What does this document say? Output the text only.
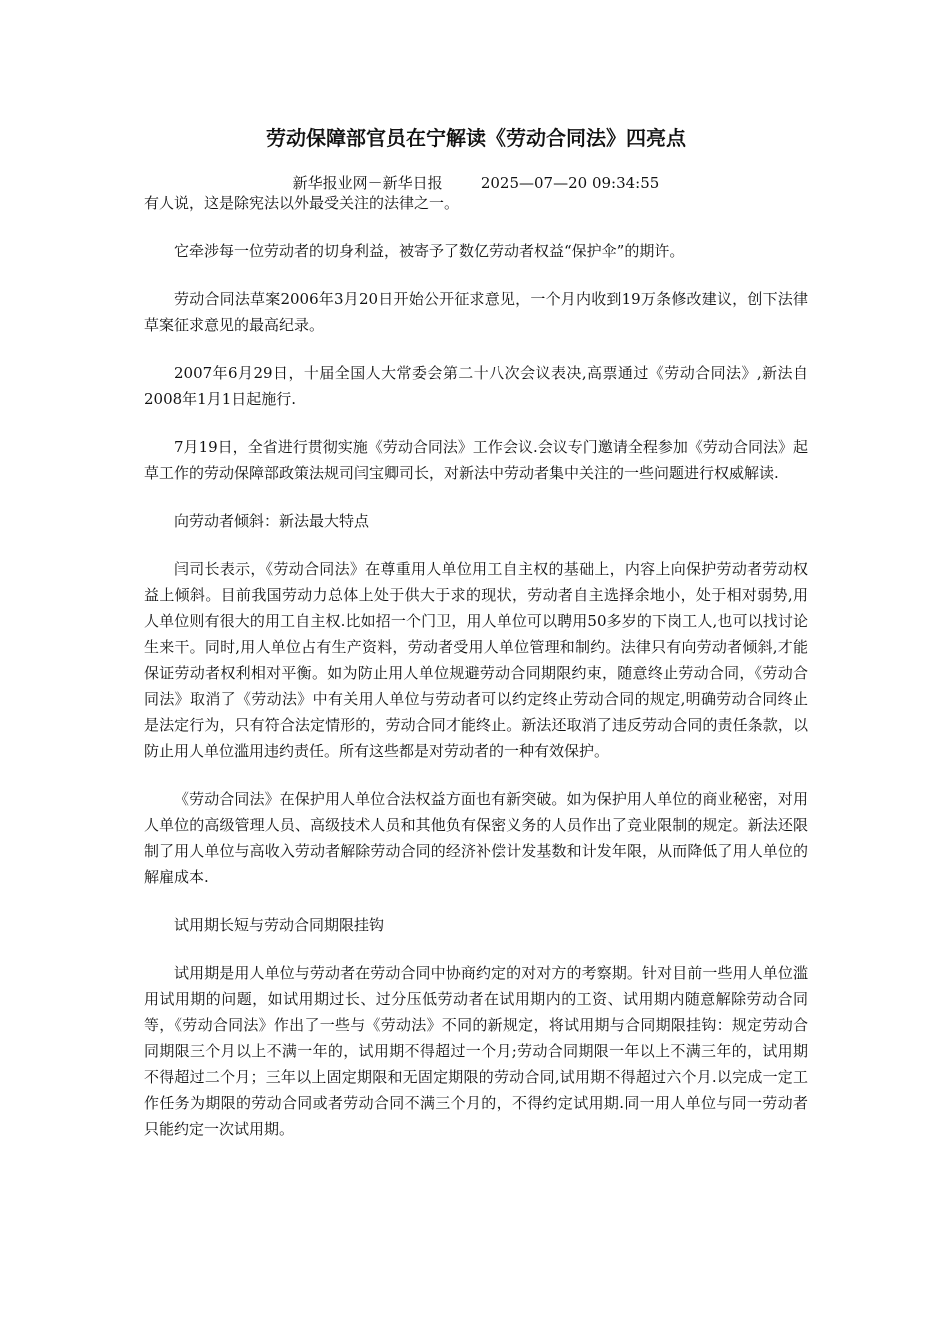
劳动保障部官员在宁解读《劳动合同法》四亮点
新华报业网－新华日报	2025—07—20 09:34:55

有人说，这是除宪法以外最受关注的法律之一。

它牵涉每一位劳动者的切身利益，被寄予了数亿劳动者权益“保护伞”的期许。

劳动合同法草案2006年3月20日开始公开征求意见，一个月内收到19万条修改建议，创下法律草案征求意见的最高纪录。

2007年6月29日，十届全国人大常委会第二十八次会议表决,高票通过《劳动合同法》,新法自2008年1月1日起施行.

7月19日，全省进行贯彻实施《劳动合同法》工作会议.会议专门邀请全程参加《劳动合同法》起草工作的劳动保障部政策法规司闫宝卿司长，对新法中劳动者集中关注的一些问题进行权威解读.

向劳动者倾斜：新法最大特点

闫司长表示，《劳动合同法》在尊重用人单位用工自主权的基础上，内容上向保护劳动者劳动权益上倾斜。目前我国劳动力总体上处于供大于求的现状，劳动者自主选择余地小，处于相对弱势,用人单位则有很大的用工自主权.比如招一个门卫，用人单位可以聘用50多岁的下岗工人,也可以找讨论生来干。同时,用人单位占有生产资料，劳动者受用人单位管理和制约。法律只有向劳动者倾斜,才能保证劳动者权利相对平衡。如为防止用人单位规避劳动合同期限约束，随意终止劳动合同，《劳动合同法》取消了《劳动法》中有关用人单位与劳动者可以约定终止劳动合同的规定,明确劳动合同终止是法定行为，只有符合法定情形的，劳动合同才能终止。新法还取消了违反劳动合同的责任条款，以防止用人单位滥用违约责任。所有这些都是对劳动者的一种有效保护。

《劳动合同法》在保护用人单位合法权益方面也有新突破。如为保护用人单位的商业秘密，对用人单位的高级管理人员、高级技术人员和其他负有保密义务的人员作出了竞业限制的规定。新法还限制了用人单位与高收入劳动者解除劳动合同的经济补偿计发基数和计发年限，从而降低了用人单位的解雇成本.

试用期长短与劳动合同期限挂钩

试用期是用人单位与劳动者在劳动合同中协商约定的对对方的考察期。针对目前一些用人单位滥用试用期的问题，如试用期过长、过分压低劳动者在试用期内的工资、试用期内随意解除劳动合同等，《劳动合同法》作出了一些与《劳动法》不同的新规定，将试用期与合同期限挂钩：规定劳动合同期限三个月以上不满一年的，试用期不得超过一个月;劳动合同期限一年以上不满三年的，试用期不得超过二个月；三年以上固定期限和无固定期限的劳动合同,试用期不得超过六个月.以完成一定工作任务为期限的劳动合同或者劳动合同不满三个月的，不得约定试用期.同一用人单位与同一劳动者只能约定一次试用期。
